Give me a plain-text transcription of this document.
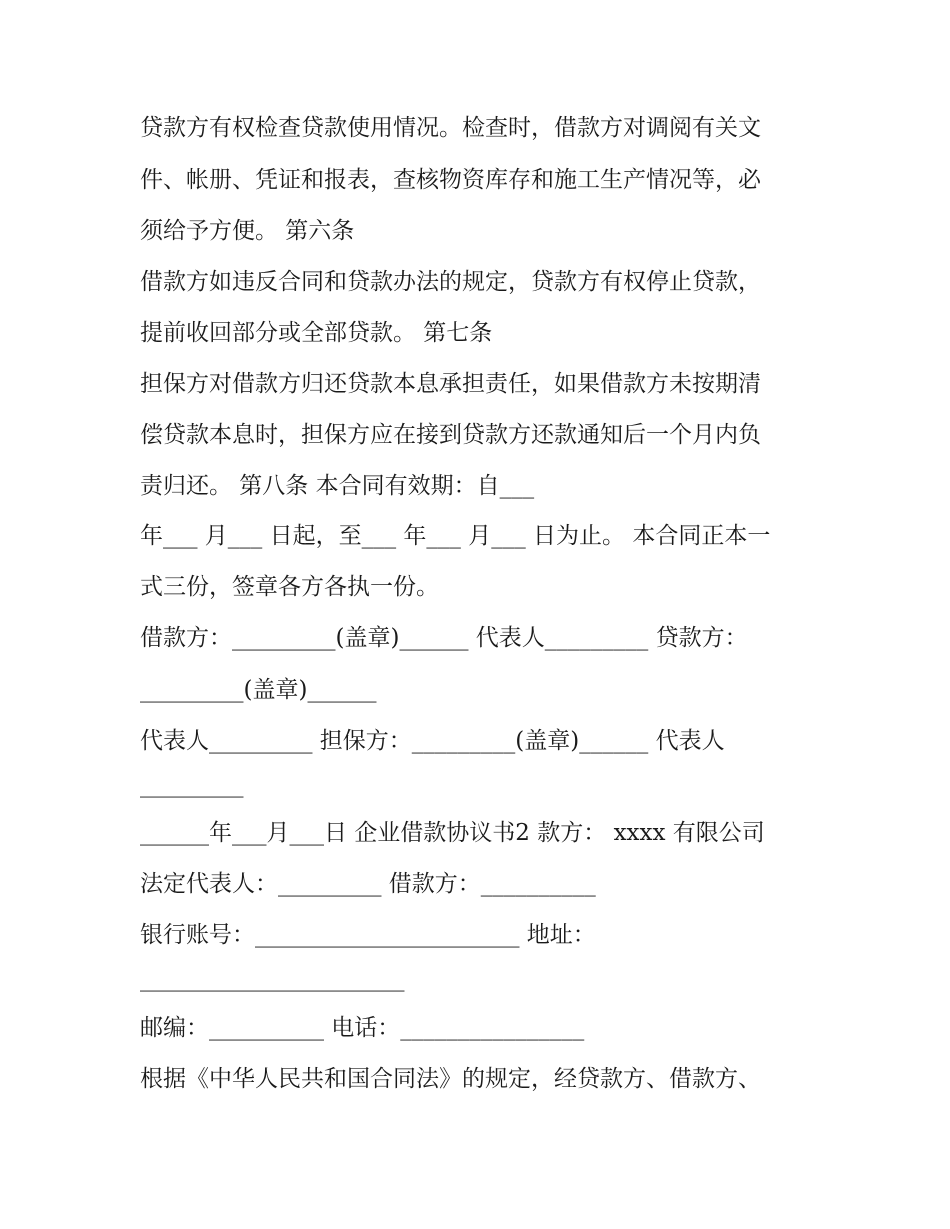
贷款方有权检查贷款使用情况。检查时，借款方对调阅有关文
件、帐册、凭证和报表，查核物资库存和施工生产情况等，必
须给予方便。 第六条
借款方如违反合同和贷款办法的规定，贷款方有权停止贷款，
提前收回部分或全部贷款。 第七条
担保方对借款方归还贷款本息承担责任，如果借款方未按期清
偿贷款本息时，担保方应在接到贷款方还款通知后一个月内负
责归还。 第八条 本合同有效期：自___
年___ 月___ 日起，至___ 年___ 月___ 日为止。 本合同正本一
式三份，签章各方各执一份。
借款方：_________(盖章)______ 代表人_________ 贷款方：
_________(盖章)______
代表人_________ 担保方：_________(盖章)______ 代表人
_________
______年___月___日 企业借款协议书2 款方： xxxx 有限公司
法定代表人：_________ 借款方：__________
银行账号：_______________________ 地址：
_______________________
邮编：__________ 电话：________________
根据《中华人民共和国合同法》的规定，经贷款方、借款方、
